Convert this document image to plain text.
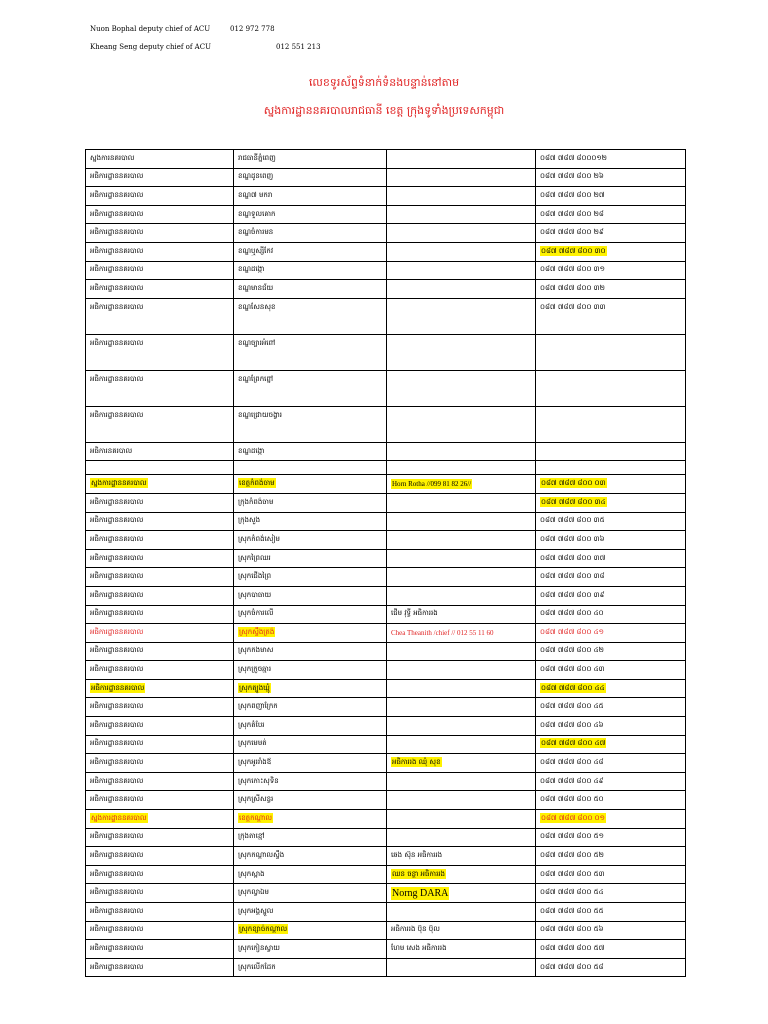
Nuon Bophal deputy chief of ACU	012 972 778
Kheang Seng deputy chief of ACU	012 551 213
លេខទូរស័ព្ទទំនាក់ទំនងបន្ទាន់នៅតាម
ស្នងការដ្ឋាននគរបាលរាជធានី ខេត្ត ក្រុងទូទាំងប្រទេសកម្ពុជា
ស្នងការនគរបាល	រាជធានីភ្នំពេញ		០៨៧ ៧៨៧ ៨០០០១២
អធិការដ្ឋាននគរបាល	ខណ្ឌដូនពេញ		០៨៧ ៧៨៧ ៨០០ ២៦
អធិការដ្ឋាននគរបាល	ខណ្ឌ៧ មករា		០៨៧ ៧៨៧ ៨០០ ២៧
អធិការដ្ឋាននគរបាល	ខណ្ឌទួលគោក		០៨៧ ៧៨៧ ៨០០ ២៨
អធិការដ្ឋាននគរបាល	ខណ្ឌចំការមន		០៨៧ ៧៨៧ ៨០០ ២៩
អធិការដ្ឋាននគរបាល	ខណ្ឌឬស្សីកែវ		០៨៧ ៧៨៧ ៨០០ ៣០
អធិការដ្ឋាននគរបាល	ខណ្ឌដង្កោ		០៨៧ ៧៨៧ ៨០០ ៣១
អធិការដ្ឋាននគរបាល	ខណ្ឌមានជ័យ		០៨៧ ៧៨៧ ៨០០ ៣២
អធិការដ្ឋាននគរបាល	ខណ្ឌសែនសុខ		០៨៧ ៧៨៧ ៨០០ ៣៣
អធិការដ្ឋាននគរបាល	ខណ្ឌច្បារអំពៅ		
អធិការដ្ឋាននគរបាល	ខណ្ឌព្រែកព្នៅ		
អធិការដ្ឋាននគរបាល	ខណ្ឌជ្រោយចង្វារ		
អធិការនគរបាល	ខណ្ឌដង្កោ		

ស្នងការដ្ឋាននគរបាល	ខេត្តកំពង់ចាម	Horn Rotha //099 81 82 26//	០៨៧ ៧៨៧ ៨០០ ០៣
អធិការដ្ឋាននគរបាល	ក្រុងកំពង់ចាម		០៨៧ ៧៨៧ ៨០០ ៣៤
អធិការដ្ឋាននគរបាល	ក្រុងសួង		០៨៧ ៧៨៧ ៨០០ ៣៥
អធិការដ្ឋាននគរបាល	ស្រុកកំពង់សៀម		០៨៧ ៧៨៧ ៨០០ ៣៦
អធិការដ្ឋាននគរបាល	ស្រុកព្រៃឈរ		០៨៧ ៧៨៧ ៨០០ ៣៧
អធិការដ្ឋាននគរបាល	ស្រុកជើងព្រៃ		០៨៧ ៧៨៧ ៨០០ ៣៨
អធិការដ្ឋាននគរបាល	ស្រុកបាធាយ		០៨៧ ៧៨៧ ៨០០ ៣៩
អធិការដ្ឋាននគរបាល	ស្រុកចំការលើ	ជើម វុទ្ធី អធិការរង	០៨៧ ៧៨៧ ៨០០ ៤០
អធិការដ្ឋាននគរបាល	ស្រុកស្ទឹងត្រង់	Chea Theanith /chief // 012 55 11 60	០៨៧ ៧៨៧ ៨០០ ៤១
អធិការដ្ឋាននគរបាល	ស្រុកកងមាស		០៨៧ ៧៨៧ ៨០០ ៤២
អធិការដ្ឋាននគរបាល	ស្រុកក្រូចឆ្មារ		០៨៧ ៧៨៧ ៨០០ ៤៣
អធិការដ្ឋាននគរបាល	ស្រុកត្បូងឃ្មុំ		០៨៧ ៧៨៧ ៨០០ ៤៤
អធិការដ្ឋាននគរបាល	ស្រុកពញាក្រែក		០៨៧ ៧៨៧ ៨០០ ៤៥
អធិការដ្ឋាននគរបាល	ស្រុកតំបែរ		០៨៧ ៧៨៧ ៨០០ ៤៦
អធិការដ្ឋាននគរបាល	ស្រុកមេមត់		០៨៧ ៧៨៧ ៨០០ ៤៧
អធិការដ្ឋាននគរបាល	ស្រុកអូររាំងឪ	អធិការរង ឈុំ សុខ	០៨៧ ៧៨៧ ៨០០ ៤៨
អធិការដ្ឋាននគរបាល	ស្រុកកោះសុទិន		០៨៧ ៧៨៧ ៨០០ ៤៩
អធិការដ្ឋាននគរបាល	ស្រុកស្រីសន្ធរ		០៨៧ ៧៨៧ ៨០០ ៥០
ស្នងការដ្ឋាននគរបាល	ខេត្តកណ្តាល		០៨៧ ៧៨៧ ៨០០ ០១
អធិការដ្ឋាននគរបាល	ក្រុងតាខ្មៅ		០៨៧ ៧៨៧ ៨០០ ៥១
អធិការដ្ឋាននគរបាល	ស្រុកកណ្តាលស្ទឹង	ឆេង ស៊ុន អធិការរង	០៨៧ ៧៨៧ ៨០០ ៥២
អធិការដ្ឋាននគរបាល	ស្រុកស្អាង	ឈន ចន្ថា អធិការរង	០៨៧ ៧៨៧ ៨០០ ៥៣
អធិការដ្ឋាននគរបាល	ស្រុកល្វាឯម	Norng DARA	០៨៧ ៧៨៧ ៨០០ ៥៤
អធិការដ្ឋាននគរបាល	ស្រុកអង្គស្នួល		០៨៧ ៧៨៧ ៨០០ ៥៥
អធិការដ្ឋាននគរបាល	ស្រុកខ្សាច់កណ្តាល	អធិការរង ប៊ុន ប៊ុល	០៨៧ ៧៨៧ ៨០០ ៥៦
អធិការដ្ឋាននគរបាល	ស្រុកកៀនស្វាយ	ហែម សេង អធិការរង	០៨៧ ៧៨៧ ៨០០ ៥៧
អធិការដ្ឋាននគរបាល	ស្រុកលើកដែក		០៨៧ ៧៨៧ ៨០០ ៥៨
